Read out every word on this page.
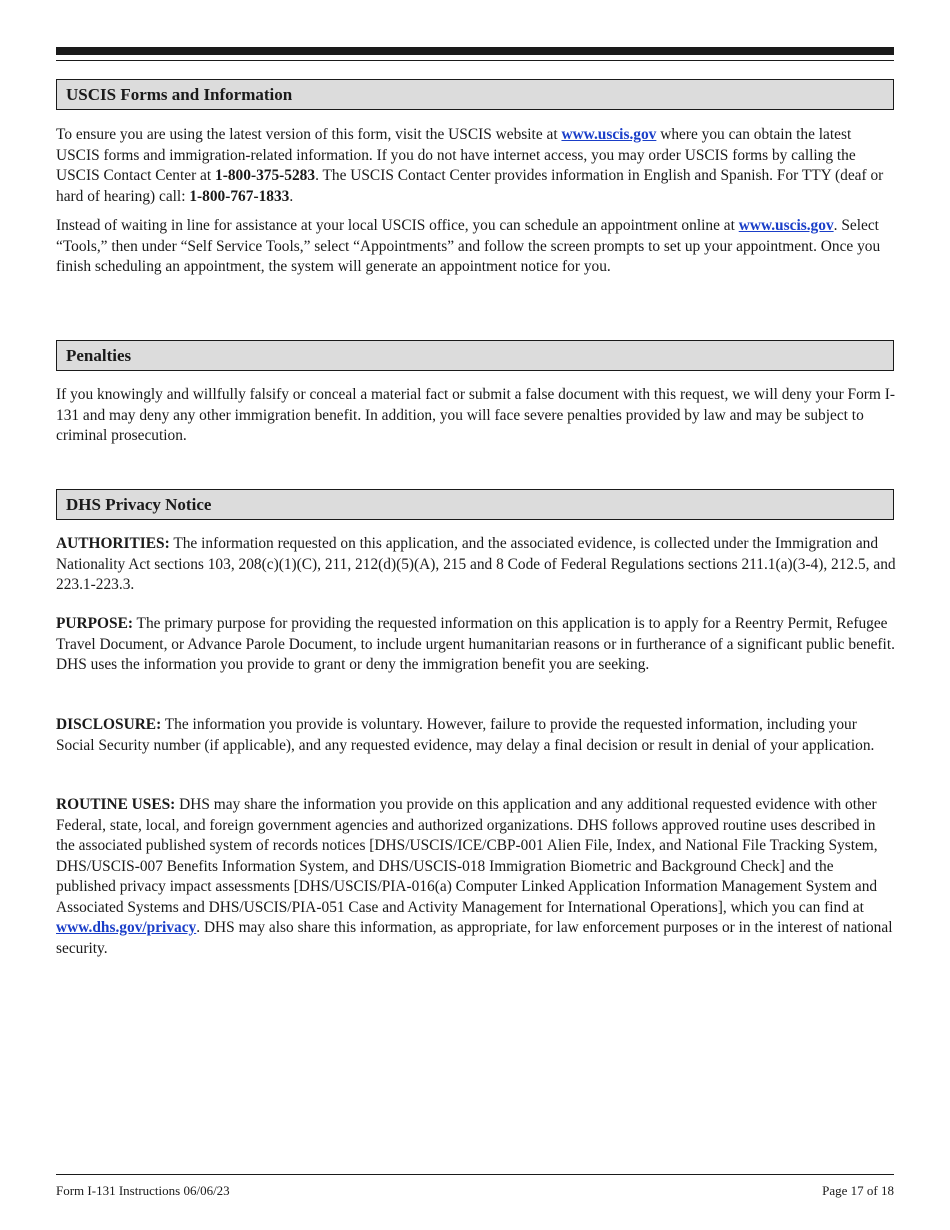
USCIS Forms and Information

To ensure you are using the latest version of this form, visit the USCIS website at www.uscis.gov where you can obtain the latest USCIS forms and immigration-related information. If you do not have internet access, you may order USCIS forms by calling the USCIS Contact Center at 1-800-375-5283. The USCIS Contact Center provides information in English and Spanish. For TTY (deaf or hard of hearing) call: 1-800-767-1833.

Instead of waiting in line for assistance at your local USCIS office, you can schedule an appointment online at www.uscis.gov. Select “Tools,” then under “Self Service Tools,” select “Appointments” and follow the screen prompts to set up your appointment. Once you finish scheduling an appointment, the system will generate an appointment notice for you.

Penalties

If you knowingly and willfully falsify or conceal a material fact or submit a false document with this request, we will deny your Form I-131 and may deny any other immigration benefit. In addition, you will face severe penalties provided by law and may be subject to criminal prosecution.

DHS Privacy Notice

AUTHORITIES: The information requested on this application, and the associated evidence, is collected under the Immigration and Nationality Act sections 103, 208(c)(1)(C), 211, 212(d)(5)(A), 215 and 8 Code of Federal Regulations sections 211.1(a)(3-4), 212.5, and 223.1-223.3.

PURPOSE: The primary purpose for providing the requested information on this application is to apply for a Reentry Permit, Refugee Travel Document, or Advance Parole Document, to include urgent humanitarian reasons or in furtherance of a significant public benefit. DHS uses the information you provide to grant or deny the immigration benefit you are seeking.

DISCLOSURE: The information you provide is voluntary. However, failure to provide the requested information, including your Social Security number (if applicable), and any requested evidence, may delay a final decision or result in denial of your application.

ROUTINE USES: DHS may share the information you provide on this application and any additional requested evidence with other Federal, state, local, and foreign government agencies and authorized organizations. DHS follows approved routine uses described in the associated published system of records notices [DHS/USCIS/ICE/CBP-001 Alien File, Index, and National File Tracking System, DHS/USCIS-007 Benefits Information System, and DHS/USCIS-018 Immigration Biometric and Background Check] and the published privacy impact assessments [DHS/USCIS/PIA-016(a) Computer Linked Application Information Management System and Associated Systems and DHS/USCIS/PIA-051 Case and Activity Management for International Operations], which you can find at www.dhs.gov/privacy. DHS may also share this information, as appropriate, for law enforcement purposes or in the interest of national security.

Form I-131 Instructions 06/06/23	Page 17 of 18
